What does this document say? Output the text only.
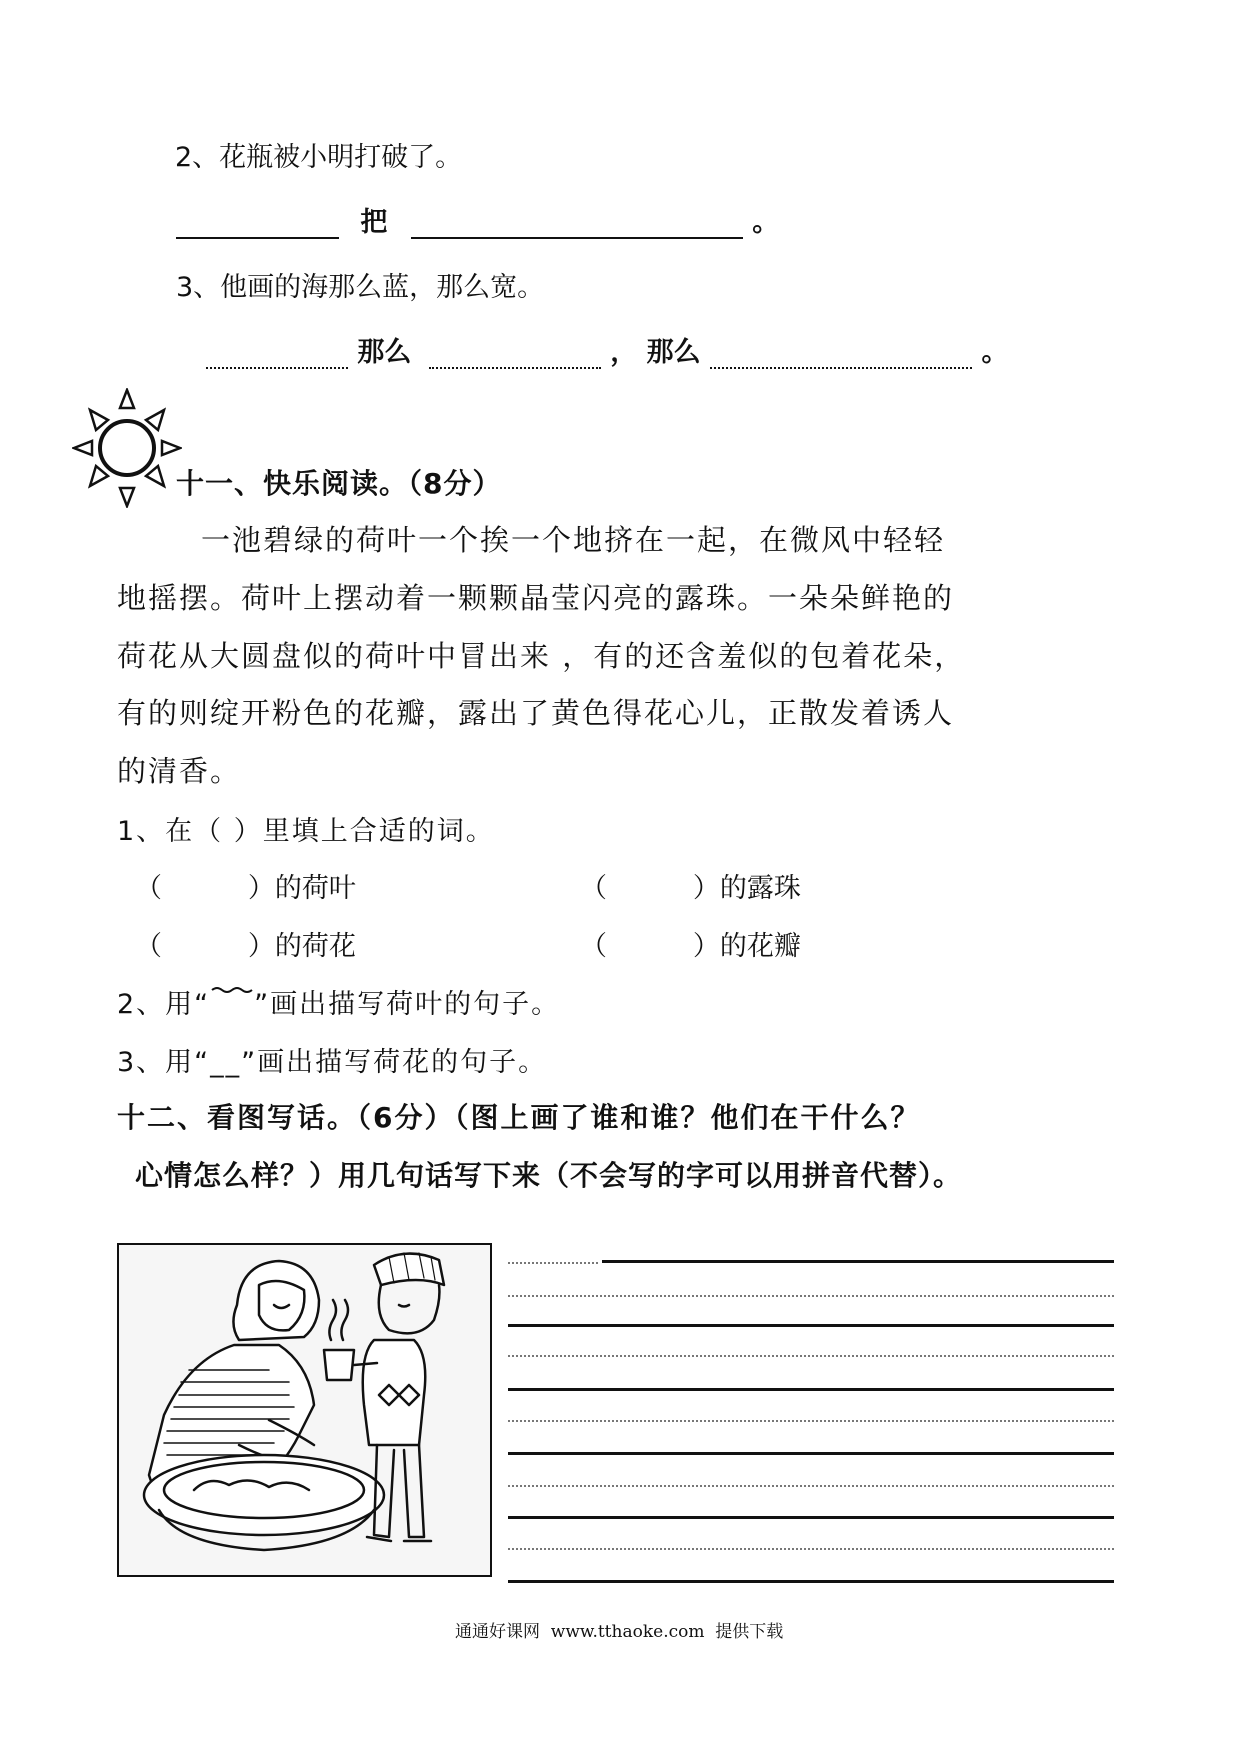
2、花瓶被小明打破了。
把	。
3、他画的海那么蓝，那么宽。
那么	， 那么	。
十一、快乐阅读。（8分）
一池碧绿的荷叶一个挨一个地挤在一起，在微风中轻轻
地摇摆。荷叶上摆动着一颗颗晶莹闪亮的露珠。一朵朵鲜艳的
荷花从大圆盘似的荷叶中冒出来 ，有的还含羞似的包着花朵，
有的则绽开粉色的花瓣，露出了黄色得花心儿，正散发着诱人
的清香。
1、在（ ）里填上合适的词。
（          ）的荷叶	（          ）的露珠
（          ）的荷花	（          ）的花瓣
2、用“ ”画出描写荷叶的句子。
3、用“__”画出描写荷花的句子。
十二、看图写话。（6分）（图上画了谁和谁？他们在干什么？
心情怎么样？）用几句话写下来（不会写的字可以用拼音代替）。
通通好课网  www.tthaoke.com  提供下载
